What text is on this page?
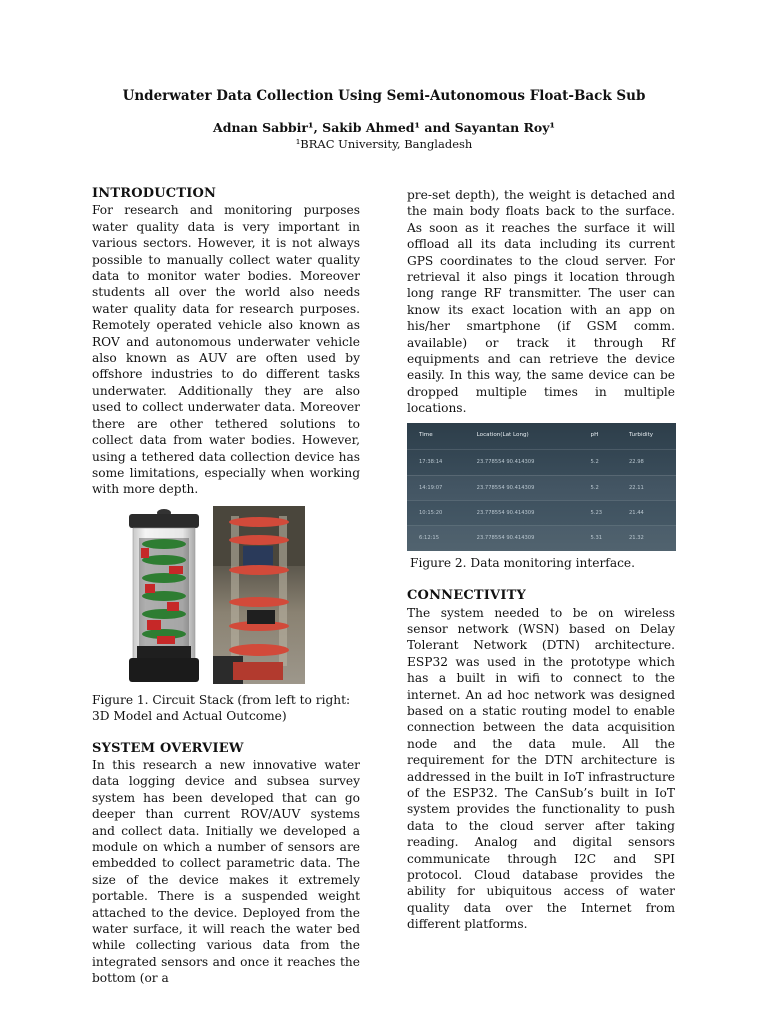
Underwater Data Collection Using Semi-Autonomous Float-Back Sub
Adnan Sabbir¹, Sakib Ahmed¹ and Sayantan Roy¹
¹BRAC University, Bangladesh

INTRODUCTION

For research and monitoring purposes water quality data is very important in various sectors. However, it is not always possible to manually collect water quality data to monitor water bodies. Moreover students all over the world also needs water quality data for research purposes. Remotely operated vehicle also known as ROV and autonomous underwater vehicle also known as AUV are often used by offshore industries to do different tasks underwater. Additionally they are also used to collect underwater data. Moreover there are other tethered solutions to collect data from water bodies. However, using a tethered data collection device has some limitations, especially when working with more depth.

Figure 1. Circuit Stack (from left to right: 3D Model and Actual Outcome)

SYSTEM OVERVIEW

In this research a new innovative water data logging device and subsea survey system has been developed that can go deeper than current ROV/AUV systems and collect data. Initially we developed a module on which a number of sensors are embedded to collect parametric data. The size of the device makes it extremely portable. There is a suspended weight attached to the device. Deployed from the water surface, it will reach the water bed while collecting various data from the integrated sensors and once it reaches the bottom (or a

pre-set depth), the weight is detached and the main body floats back to the surface. As soon as it reaches the surface it will offload all its data including its current GPS coordinates to the cloud server. For retrieval it also pings it location through long range RF transmitter. The user can know its exact location with an app on his/her smartphone (if GSM comm. available) or track it through Rf equipments and can retrieve the device easily. In this way, the same device can be dropped multiple times in multiple locations.

Time	Location(Lat Long)	pH	Turbidity
17:38:14	23.778554 90.414309	5.2	22.98
14:19:07	23.778554 90.414309	5.2	22.11
10:15:20	23.778554 90.414309	5.23	21.44
6:12:15	23.778554 90.414309	5.31	21.32

Figure 2. Data monitoring interface.

CONNECTIVITY

The system needed to be on wireless sensor network (WSN) based on Delay Tolerant Network (DTN) architecture. ESP32 was used in the prototype which has a built in wifi to connect to the internet. An ad hoc network was designed based on a static routing model to enable connection between the data acquisition node and the data mule. All the requirement for the DTN architecture is addressed in the built in IoT infrastructure of the ESP32. The CanSub’s built in IoT system provides the functionality to push data to the cloud server after taking reading. Analog and digital sensors communicate through I2C and SPI protocol. Cloud database provides the ability for ubiquitous access of water quality data over the Internet from different platforms.
